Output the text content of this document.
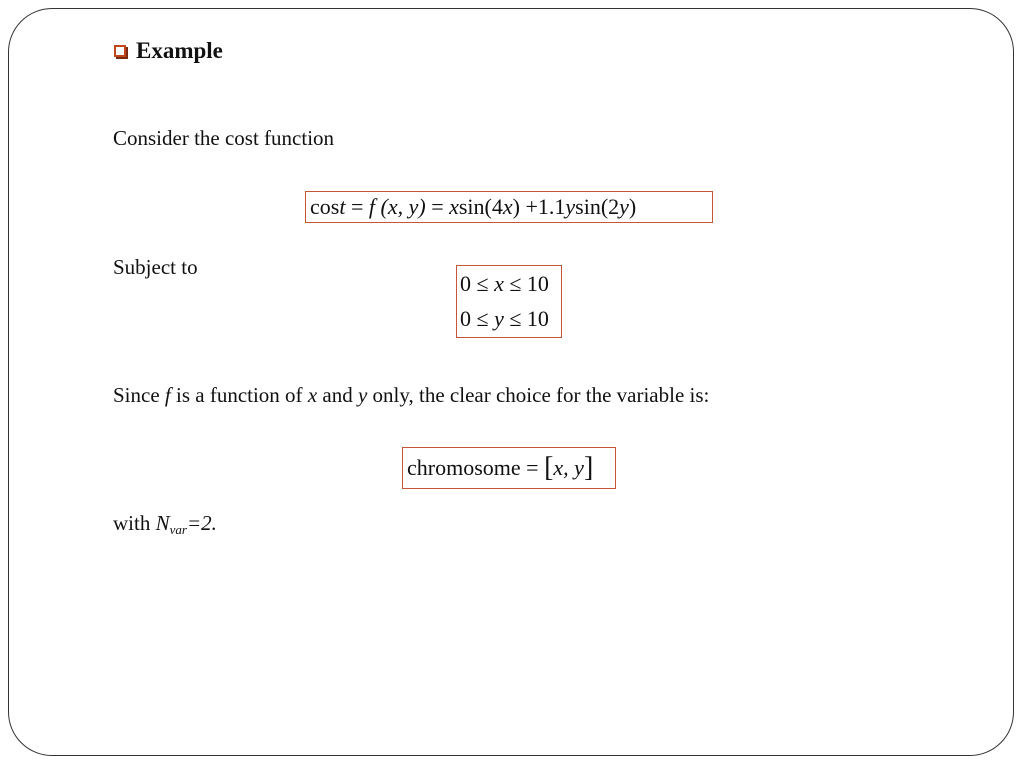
Example
Consider the cost function
cos t = f (x, y) = x sin(4 x ) +1.1 y sin(2 y )
Subject to
0 ≤ x ≤ 10
0 ≤ y ≤ 10
Since f is a function of x and y only, the clear choice for the variable is:
chromosome = [ x, y ]
with $N_{var}=2$.
